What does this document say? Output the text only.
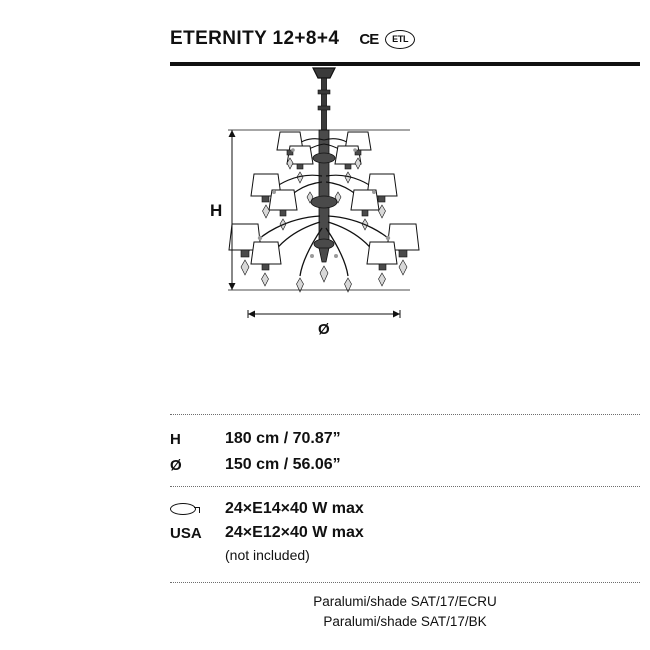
ETERNITY 12+8+4 CE	ETL
H
Ø
H	180 cm / 70.87”
Ø	150 cm / 56.06”
24×E14×40 W max
USA	24×E12×40 W max
(not included)
Paralumi/shade SAT/17/ECRU
Paralumi/shade SAT/17/BK
